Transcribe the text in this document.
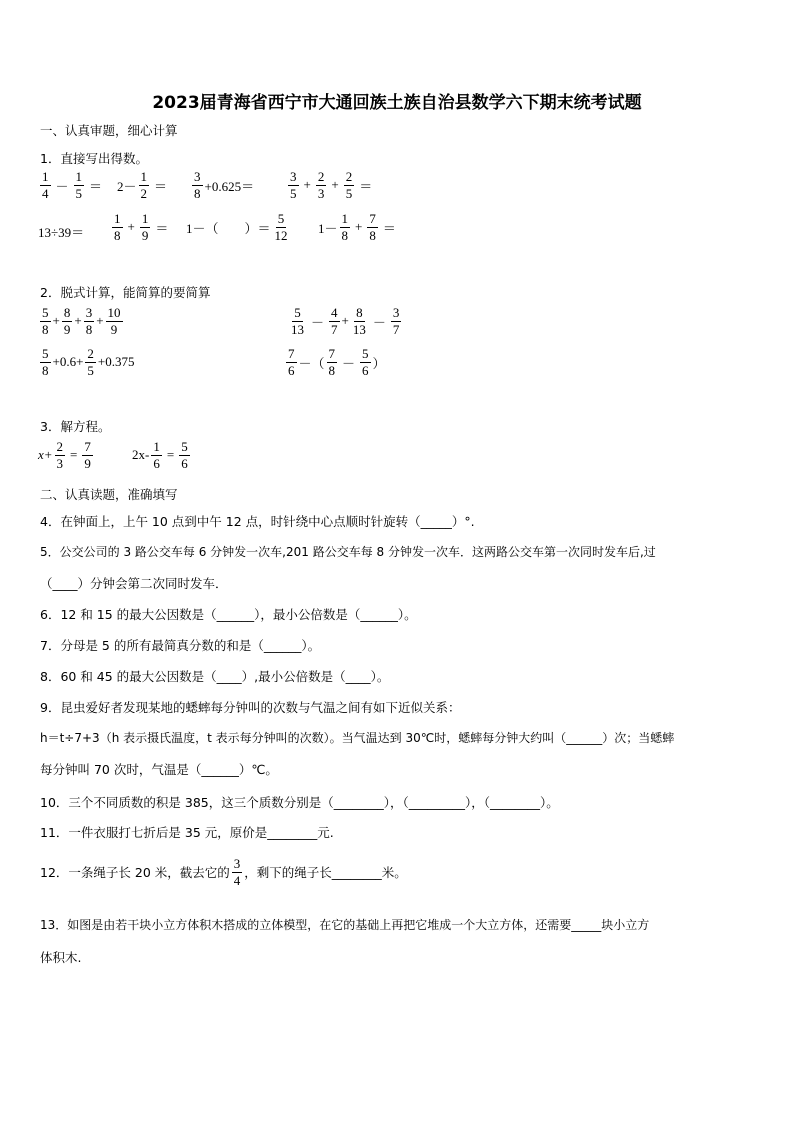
2023届青海省西宁市大通回族土族自治县数学六下期末统考试题
一、认真审题，细心计算
1．直接写出得数。
$\frac{1}{4} - \frac{1}{5} = 2- \frac{1}{2} = \frac{3}{8} +0.625=$	$\frac{3}{5} + \frac{2}{3} + \frac{2}{5}$ ＝
$13\div 39= \frac{1}{8} + \frac{1}{9} = 1-$（　　）＝ $\frac{5}{12} 1- \frac{1}{8} + \frac{7}{8}$ ＝
2．脱式计算，能简算的要简算
$\frac{5}{8} + \frac{8}{9} + \frac{3}{8} + \frac{10}{9}$	$\frac{5}{13} - \frac{4}{7} + \frac{8}{13} - \frac{3}{7}$
$\frac{5}{8} +0.6+ \frac{2}{5} +0.375$	$\frac{7}{6}$ －（ $\frac{7}{8} - \frac{5}{6}$ ）
3．解方程。
$x+ \frac{2}{3} = \frac{7}{9}$	$2x- \frac{1}{6} = \frac{5}{6}$
二、认真读题，准确填写
4．在钟面上，上午 10 点到中午 12 点，时针绕中心点顺时针旋转（_____）°.
5．公交公司的 3 路公交车每 6 分钟发一次车,201 路公交车每 8 分钟发一次车．这两路公交车第一次同时发车后,过
（____）分钟会第二次同时发车．
6．12 和 15 的最大公因数是（______），最小公倍数是（______）。
7．分母是 5 的所有最简真分数的和是（______）。
8．60 和 45 的最大公因数是（____）,最小公倍数是（____）。
9．昆虫爱好者发现某地的蟋蟀每分钟叫的次数与气温之间有如下近似关系：
h＝t÷7+3（h 表示摄氏温度，t 表示每分钟叫的次数）。当气温达到 30℃时，蟋蟀每分钟大约叫（______）次；当蟋蟀
每分钟叫 70 次时，气温是（______）℃。
10．三个不同质数的积是 385，这三个质数分别是（________），（_________），（________）。
11．一件衣服打七折后是 35 元，原价是________元.
12．一条绳子长 20 米，截去它的 $\frac{3}{4}$ ，剩下的绳子长________米。
13．如图是由若干块小立方体积木搭成的立体模型，在它的基础上再把它堆成一个大立方体，还需要_____块小立方
体积木.
